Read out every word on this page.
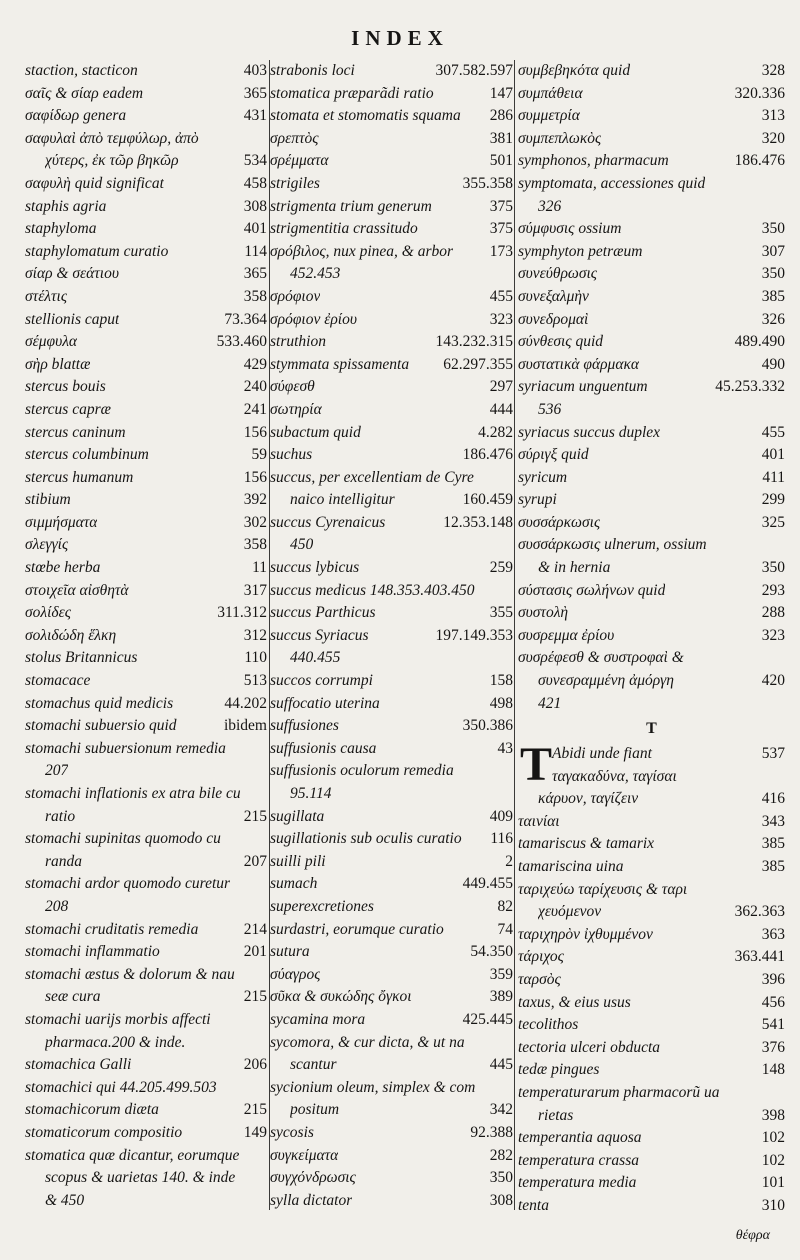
INDEX
staction, stacticon	403
σαῖς & σίαρ eadem	365
σαφίδωρ genera	431
σαφυλαὶ ἀπὸ τεμφύλωρ, ἀπὸ
χύτερς, ἐκ τῶρ βηκῶρ	534
σαφυλὴ quid significat	458
staphis agria	308
staphyloma	401
staphylomatum curatio	114
σίαρ & σεάτιου	365
στέλτις	358
stellionis caput	73.364
σέμφυλα	533.460
σὴρ blattæ	429
stercus bouis	240
stercus capræ	241
stercus caninum	156
stercus columbinum	59
stercus humanum	156
stibium	392
σιμμήσματα	302
σλεγγίς	358
stœbe herba	11
στοιχεῖα αἰσθητὰ	317
σολίδες	311.312
σολιδώδη ἕλκη	312
stolus Britannicus	110
stomacace	513
stomachus quid medicis	44.202
stomachi subuersio quid	ibidem
stomachi subuersionum remedia
207
stomachi inflationis ex atra bile cu
ratio	215
stomachi supinitas quomodo cu
randa	207
stomachi ardor quomodo curetur
208
stomachi cruditatis remedia	214
stomachi inflammatio	201
stomachi æstus & dolorum & nau
seæ cura	215
stomachi uarijs morbis affecti
pharmaca.200 & inde.
stomachica Galli	206
stomachici qui 44.205.499.503
stomachicorum diæta	215
stomaticorum compositio	149
stomatica quæ dicantur, eorumque
scopus & uarietas 140. & inde
& 450
strabonis loci	307.582.597
stomatica præparãdi ratio	147
stomata et stomomatis squama	286
σρεπτὸς	381
σρέμματα	501
strigiles	355.358
strigmenta trium generum	375
strigmentitia crassitudo	375
σρόβιλος, nux pinea, & arbor	173
452.453
σρόφιον	455
σρόφιον ἐρίου	323
struthion	143.232.315
stymmata spissamenta	62.297.355
σύφεσθ	297
σωτηρία	444
subactum quid	4.282
suchus	186.476
succus, per excellentiam de Cyre
naico intelligitur	160.459
succus Cyrenaicus	12.353.148
450
succus lybicus	259
succus medicus 148.353.403.450
succus Parthicus	355
succus Syriacus	197.149.353
440.455
succos corrumpi	158
suffocatio uterina	498
suffusiones	350.386
suffusionis causa	43
suffusionis oculorum remedia
95.114
sugillata	409
sugillationis sub oculis curatio	116
suilli pili	2
sumach	449.455
superexcretiones	82
surdastri, eorumque curatio	74
sutura	54.350
σύαγρος	359
σῦκα & συκώδης ὄγκοι	389
sycamina mora	425.445
sycomora, & cur dicta, & ut na
scantur	445
sycionium oleum, simplex & com
positum	342
sycosis	92.388
συγκείματα	282
συγχόνδρωσις	350
sylla dictator	308
συμβεβηκότα quid	328
συμπάθεια	320.336
συμμετρία	313
συμπεπλωκὸς	320
symphonos, pharmacum	186.476
symptomata, accessiones quid
326
σύμφυσις ossium	350
symphyton petræum	307
συνεύθρωσις	350
συνεξαλμὴν	385
συνεδρομαὶ	326
σύνθεσις quid	489.490
συστατικὰ φάρμακα	490
syriacum unguentum	45.253.332
536
syriacus succus duplex	455
σύριγξ quid	401
syricum	411
syrupi	299
συσσάρκωσις	325
συσσάρκωσις ulnerum, ossium
& in hernia	350
σύστασις σωλήνων quid	293
συστολὴ	288
συσρεμμα ἐρίου	323
συσρέφεσθ & συστροφαὶ &
συνεσραμμένη ἀμόργη	420
421
T
T Abidi unde fiant	537
ταγακαδύνα, ταγίσαι
κάρυον, ταγίζειν	416
ταινίαι	343
tamariscus & tamarix	385
tamariscina uina	385
ταριχεύω ταρίχευσις & ταρι
χευόμενον	362.363
ταριχηρὸν ἰχθυμμένον	363
τάριχος	363.441
ταρσὸς	396
taxus, & eius usus	456
tecolithos	541
tectoria ulceri obducta	376
tedæ pingues	148
temperaturarum pharmacorũ ua
rietas	398
temperantia aquosa	102
temperatura crassa	102
temperatura media	101
tenta	310
θέφρα
